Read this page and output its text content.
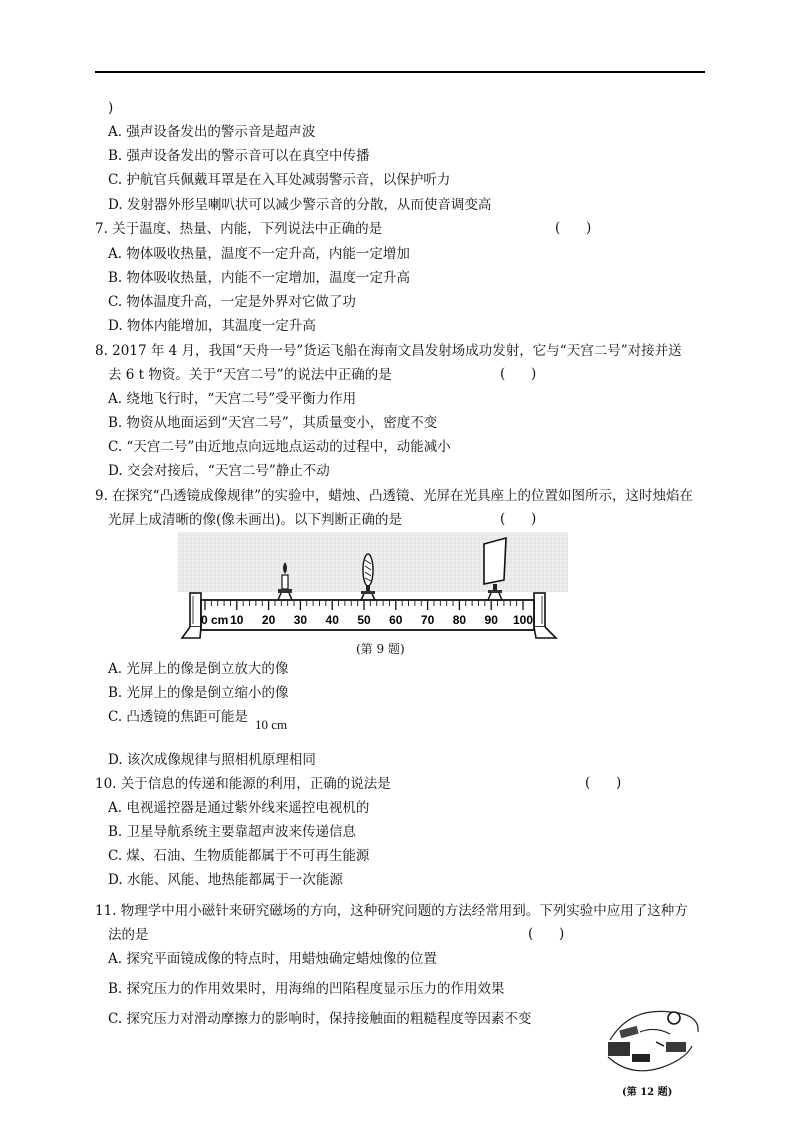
)
A. 强声设备发出的警示音是超声波
B. 强声设备发出的警示音可以在真空中传播
C. 护航官兵佩戴耳罩是在入耳处减弱警示音，以保护听力
D. 发射器外形呈喇叭状可以减少警示音的分散，从而使音调变高
7. 关于温度、热量、内能，下列说法中正确的是	(      )
A. 物体吸收热量，温度不一定升高，内能一定增加
B. 物体吸收热量，内能不一定增加，温度一定升高
C. 物体温度升高，一定是外界对它做了功
D. 物体内能增加，其温度一定升高
8. 2017 年 4 月，我国“天舟一号”货运飞船在海南文昌发射场成功发射，它与“天宫二号”对接并送
去 6 t 物资。关于“天宫二号”的说法中正确的是	(      )
A. 绕地飞行时，“天宫二号”受平衡力作用
B. 物资从地面运到“天宫二号”，其质量变小，密度不变
C. “天宫二号”由近地点向远地点运动的过程中，动能减小
D. 交会对接后，“天宫二号”静止不动
9. 在探究“凸透镜成像规律”的实验中，蜡烛、凸透镜、光屏在光具座上的位置如图所示，这时烛焰在
光屏上成清晰的像(像未画出)。以下判断正确的是	(      )
0 cm 10 20 30 40 50 60 70 80 90 100
(第 9 题)
A. 光屏上的像是倒立放大的像
B. 光屏上的像是倒立缩小的像
C. 凸透镜的焦距可能是 10 cm
D. 该次成像规律与照相机原理相同
10. 关于信息的传递和能源的利用，正确的说法是	(      )
A. 电视遥控器是通过紫外线来遥控电视机的
B. 卫星导航系统主要靠超声波来传递信息
C. 煤、石油、生物质能都属于不可再生能源
D. 水能、风能、地热能都属于一次能源
11. 物理学中用小磁针来研究磁场的方向，这种研究问题的方法经常用到。下列实验中应用了这种方
法的是	(      )
A. 探究平面镜成像的特点时，用蜡烛确定蜡烛像的位置
B. 探究压力的作用效果时，用海绵的凹陷程度显示压力的作用效果
C. 探究压力对滑动摩擦力的影响时，保持接触面的粗糙程度等因素不变
(第 12 题)
